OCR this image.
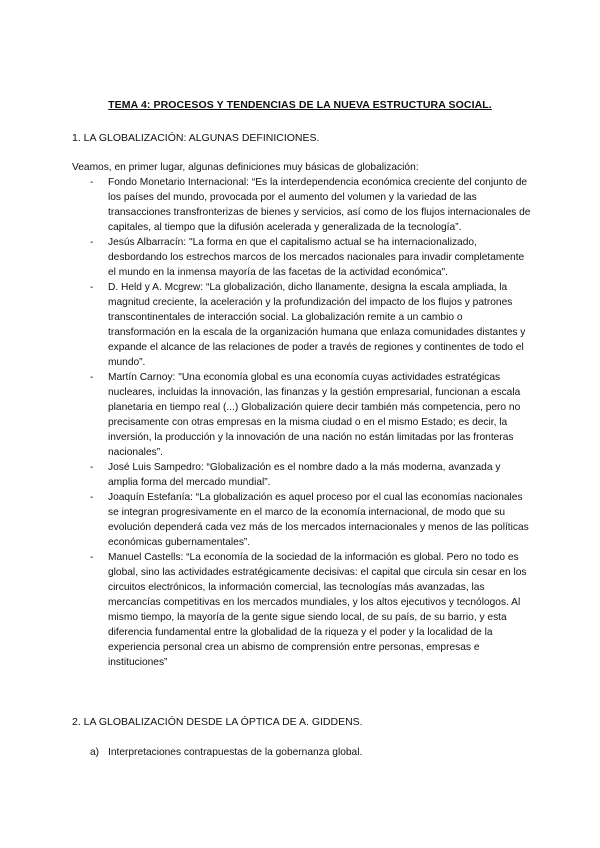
TEMA 4: PROCESOS Y TENDENCIAS DE LA NUEVA ESTRUCTURA SOCIAL.
1. LA GLOBALIZACIÓN: ALGUNAS DEFINICIONES.
Veamos, en primer lugar, algunas definiciones muy básicas de globalización:
- Fondo Monetario Internacional: “Es la interdependencia económica creciente del conjunto de los países del mundo, provocada por el aumento del volumen y la variedad de las transacciones transfronterizas de bienes y servicios, así como de los flujos internacionales de capitales, al tiempo que la difusión acelerada y generalizada de la tecnología”.
- Jesús Albarracín: "La forma en que el capitalismo actual se ha internacionalizado, desbordando los estrechos marcos de los mercados nacionales para invadir completamente el mundo en la inmensa mayoría de las facetas de la actividad económica".
- D. Held y A. Mcgrew: “La globalización, dicho llanamente, designa la escala ampliada, la magnitud creciente, la aceleración y la profundización del impacto de los flujos y patrones transcontinentales de interacción social. La globalización remite a un cambio o transformación en la escala de la organización humana que enlaza comunidades distantes y expande el alcance de las relaciones de poder a través de regiones y continentes de todo el mundo”.
- Martín Carnoy: "Una economía global es una economía cuyas actividades estratégicas nucleares, incluidas la innovación, las finanzas y la gestión empresarial, funcionan a escala planetaria en tiempo real (...) Globalización quiere decir también más competencia, pero no precisamente con otras empresas en la misma ciudad o en el mismo Estado; es decir, la inversión, la producción y la innovación de una nación no están limitadas por las fronteras nacionales”.
- José Luis Sampedro: “Globalización es el nombre dado a la más moderna, avanzada y amplia forma del mercado mundial”.
- Joaquín Estefanía: “La globalización es aquel proceso por el cual las economías nacionales se integran progresivamente en el marco de la economía internacional, de modo que su evolución dependerá cada vez más de los mercados internacionales y menos de las políticas económicas gubernamentales”.
- Manuel Castells: “La economía de la sociedad de la información es global. Pero no todo es global, sino las actividades estratégicamente decisivas: el capital que circula sin cesar en los circuitos electrónicos, la información comercial, las tecnologías más avanzadas, las mercancías competitivas en los mercados mundiales, y los altos ejecutivos y tecnólogos. Al mismo tiempo, la mayoría de la gente sigue siendo local, de su país, de su barrio, y esta diferencia fundamental entre la globalidad de la riqueza y el poder y la localidad de la experiencia personal crea un abismo de comprensión entre personas, empresas e instituciones”
2. LA GLOBALIZACIÓN DESDE LA ÓPTICA DE A. GIDDENS.
a) Interpretaciones contrapuestas de la gobernanza global.
